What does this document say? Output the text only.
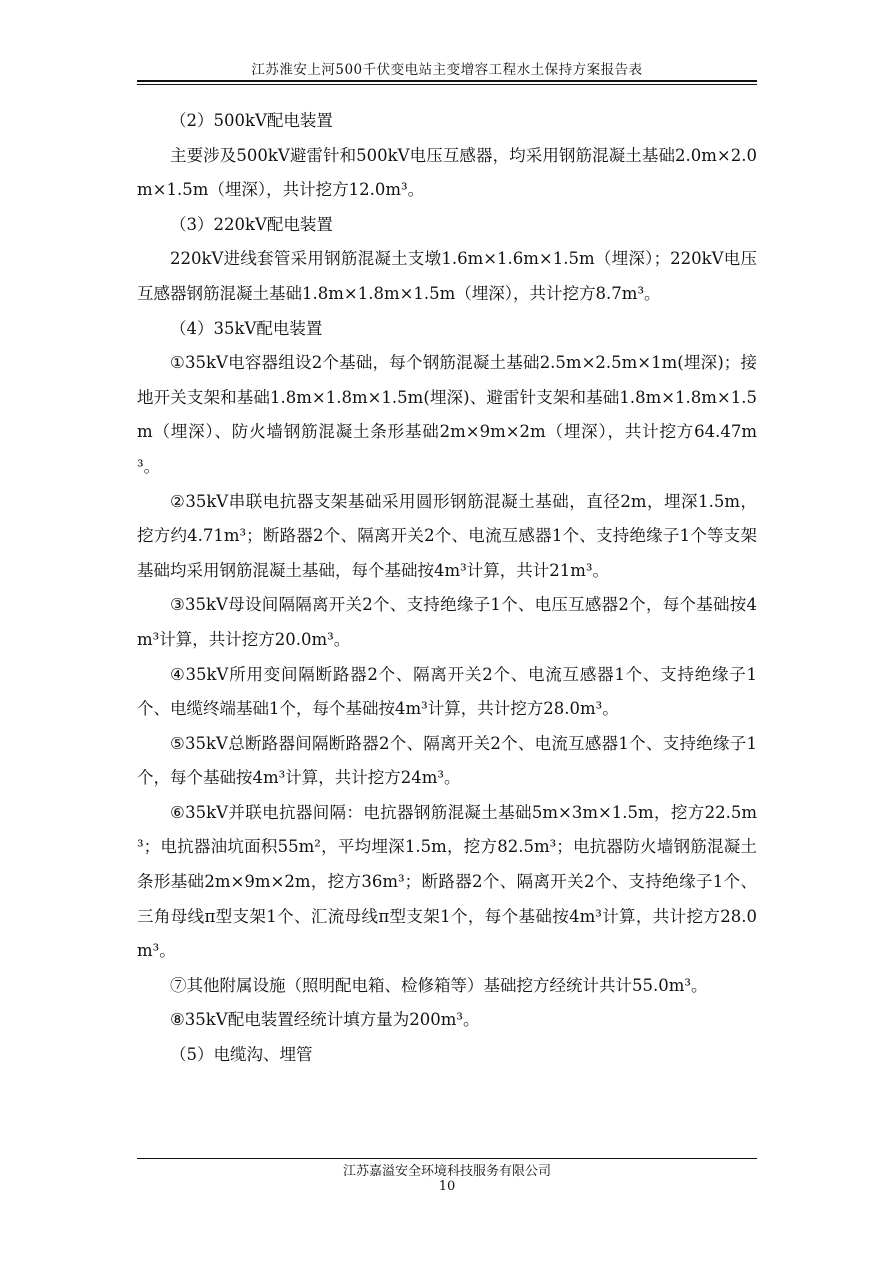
江苏淮安上河500千伏变电站主变增容工程水土保持方案报告表

（2）500kV配电装置

主要涉及500kV避雷针和500kV电压互感器，均采用钢筋混凝土基础2.0m×2.0m×1.5m（埋深），共计挖方12.0m³。

（3）220kV配电装置

220kV进线套管采用钢筋混凝土支墩1.6m×1.6m×1.5m（埋深）；220kV电压互感器钢筋混凝土基础1.8m×1.8m×1.5m（埋深），共计挖方8.7m³。

（4）35kV配电装置

①35kV电容器组设2个基础，每个钢筋混凝土基础2.5m×2.5m×1m(埋深)；接地开关支架和基础1.8m×1.8m×1.5m(埋深)、避雷针支架和基础1.8m×1.8m×1.5m（埋深）、防火墙钢筋混凝土条形基础2m×9m×2m（埋深），共计挖方64.47m³。

②35kV串联电抗器支架基础采用圆形钢筋混凝土基础，直径2m，埋深1.5m，挖方约4.71m³；断路器2个、隔离开关2个、电流互感器1个、支持绝缘子1个等支架基础均采用钢筋混凝土基础，每个基础按4m³计算，共计21m³。

③35kV母设间隔隔离开关2个、支持绝缘子1个、电压互感器2个，每个基础按4m³计算，共计挖方20.0m³。

④35kV所用变间隔断路器2个、隔离开关2个、电流互感器1个、支持绝缘子1个、电缆终端基础1个，每个基础按4m³计算，共计挖方28.0m³。

⑤35kV总断路器间隔断路器2个、隔离开关2个、电流互感器1个、支持绝缘子1个，每个基础按4m³计算，共计挖方24m³。

⑥35kV并联电抗器间隔：电抗器钢筋混凝土基础5m×3m×1.5m，挖方22.5m³；电抗器油坑面积55m²，平均埋深1.5m，挖方82.5m³；电抗器防火墙钢筋混凝土条形基础2m×9m×2m，挖方36m³；断路器2个、隔离开关2个、支持绝缘子1个、三角母线π型支架1个、汇流母线π型支架1个，每个基础按4m³计算，共计挖方28.0m³。

⑦其他附属设施（照明配电箱、检修箱等）基础挖方经统计共计55.0m³。

⑧35kV配电装置经统计填方量为200m³。

（5）电缆沟、埋管

江苏嘉溢安全环境科技服务有限公司
10
